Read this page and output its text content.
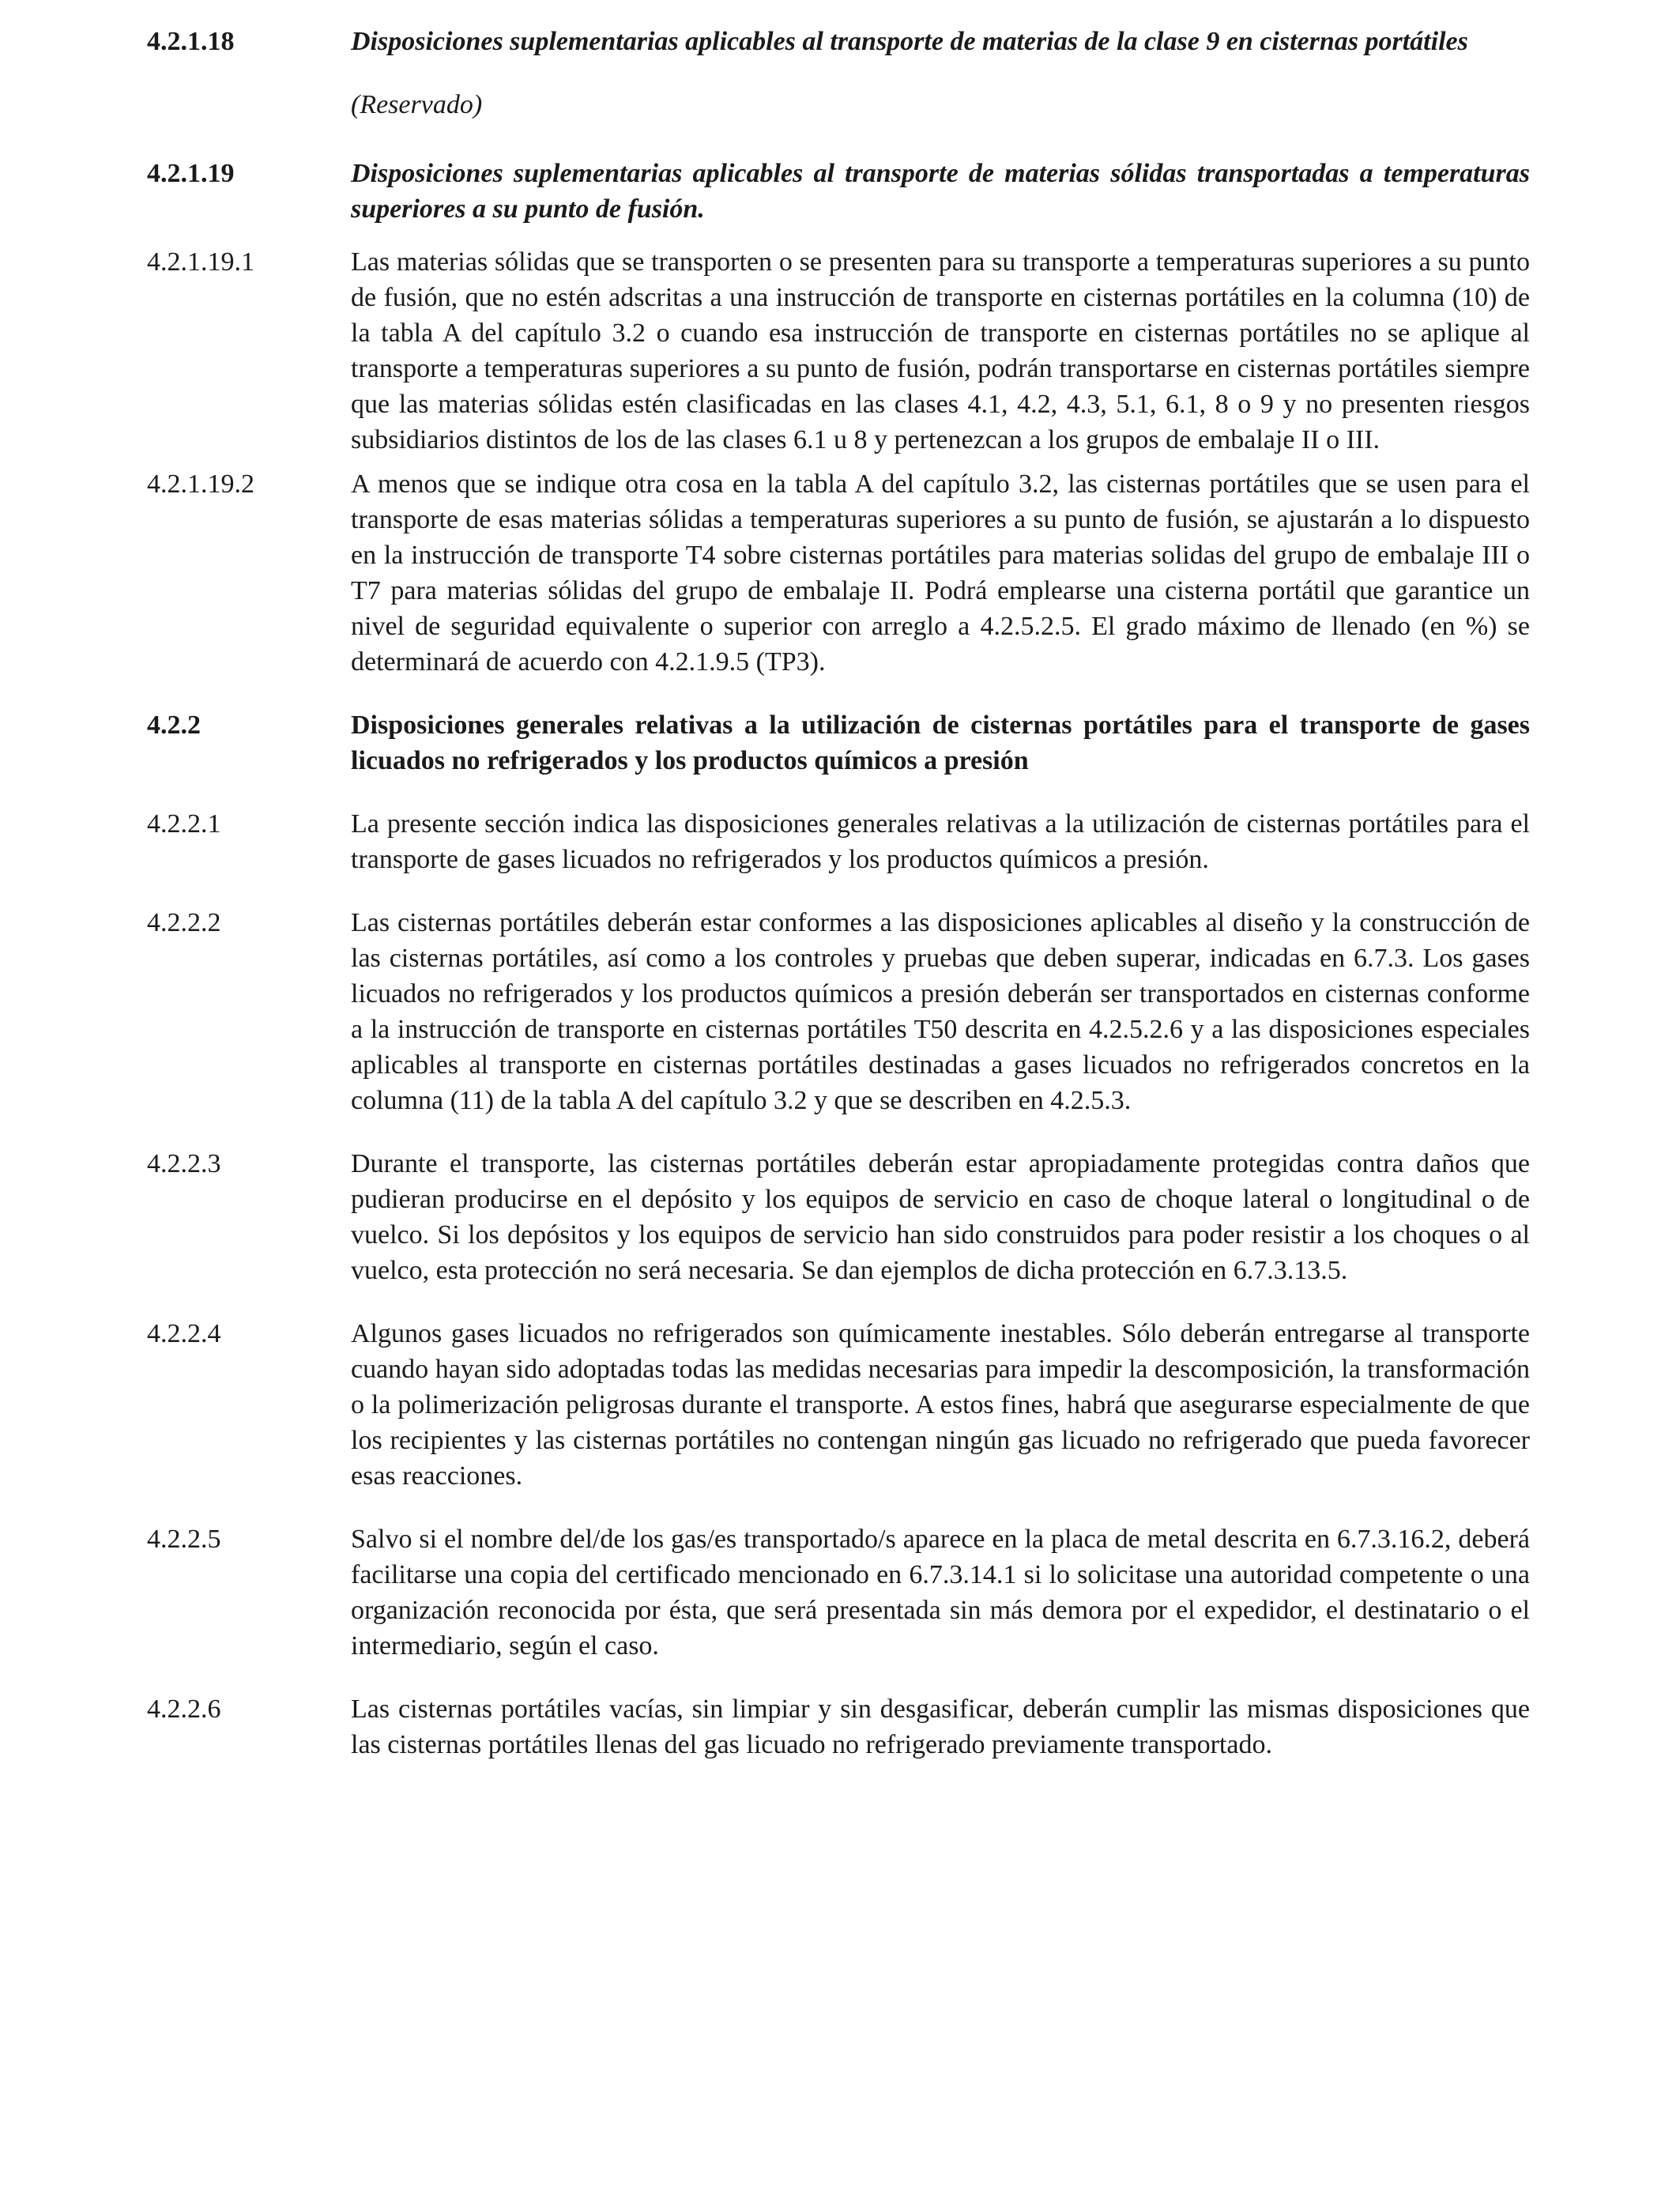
4.2.1.18	Disposiciones suplementarias aplicables al transporte de materias de la clase 9 en cisternas portátiles
(Reservado)
4.2.1.19	Disposiciones suplementarias aplicables al transporte de materias sólidas transportadas a temperaturas superiores a su punto de fusión.
4.2.1.19.1	Las materias sólidas que se transporten o se presenten para su transporte a temperaturas superiores a su punto de fusión, que no estén adscritas a una instrucción de transporte en cisternas portátiles en la columna (10) de la tabla A del capítulo 3.2 o cuando esa instrucción de transporte en cisternas portátiles no se aplique al transporte a temperaturas superiores a su punto de fusión, podrán transportarse en cisternas portátiles siempre que las materias sólidas estén clasificadas en las clases 4.1, 4.2, 4.3, 5.1, 6.1, 8 o 9 y no presenten riesgos subsidiarios distintos de los de las clases 6.1 u 8 y pertenezcan a los grupos de embalaje II o III.
4.2.1.19.2	A menos que se indique otra cosa en la tabla A del capítulo 3.2, las cisternas portátiles que se usen para el transporte de esas materias sólidas a temperaturas superiores a su punto de fusión, se ajustarán a lo dispuesto en la instrucción de transporte T4 sobre cisternas portátiles para materias solidas del grupo de embalaje III o T7 para materias sólidas del grupo de embalaje II. Podrá emplearse una cisterna portátil que garantice un nivel de seguridad equivalente o superior con arreglo a 4.2.5.2.5. El grado máximo de llenado (en %) se determinará de acuerdo con 4.2.1.9.5 (TP3).
4.2.2	Disposiciones generales relativas a la utilización de cisternas portátiles para el transporte de gases licuados no refrigerados y los productos químicos a presión
4.2.2.1	La presente sección indica las disposiciones generales relativas a la utilización de cisternas portátiles para el transporte de gases licuados no refrigerados y los productos químicos a presión.
4.2.2.2	Las cisternas portátiles deberán estar conformes a las disposiciones aplicables al diseño y la construcción de las cisternas portátiles, así como a los controles y pruebas que deben superar, indicadas en 6.7.3. Los gases licuados no refrigerados y los productos químicos a presión deberán ser transportados en cisternas conforme a la instrucción de transporte en cisternas portátiles T50 descrita en 4.2.5.2.6 y a las disposiciones especiales aplicables al transporte en cisternas portátiles destinadas a gases licuados no refrigerados concretos en la columna (11) de la tabla A del capítulo 3.2 y que se describen en 4.2.5.3.
4.2.2.3	Durante el transporte, las cisternas portátiles deberán estar apropiadamente protegidas contra daños que pudieran producirse en el depósito y los equipos de servicio en caso de choque lateral o longitudinal o de vuelco. Si los depósitos y los equipos de servicio han sido construidos para poder resistir a los choques o al vuelco, esta protección no será necesaria. Se dan ejemplos de dicha protección en 6.7.3.13.5.
4.2.2.4	Algunos gases licuados no refrigerados son químicamente inestables. Sólo deberán entregarse al transporte cuando hayan sido adoptadas todas las medidas necesarias para impedir la descomposición, la transformación o la polimerización peligrosas durante el transporte. A estos fines, habrá que asegurarse especialmente de que los recipientes y las cisternas portátiles no contengan ningún gas licuado no refrigerado que pueda favorecer esas reacciones.
4.2.2.5	Salvo si el nombre del/de los gas/es transportado/s aparece en la placa de metal descrita en 6.7.3.16.2, deberá facilitarse una copia del certificado mencionado en 6.7.3.14.1 si lo solicitase una autoridad competente o una organización reconocida por ésta, que será presentada sin más demora por el expedidor, el destinatario o el intermediario, según el caso.
4.2.2.6	Las cisternas portátiles vacías, sin limpiar y sin desgasificar, deberán cumplir las mismas disposiciones que las cisternas portátiles llenas del gas licuado no refrigerado previamente transportado.
